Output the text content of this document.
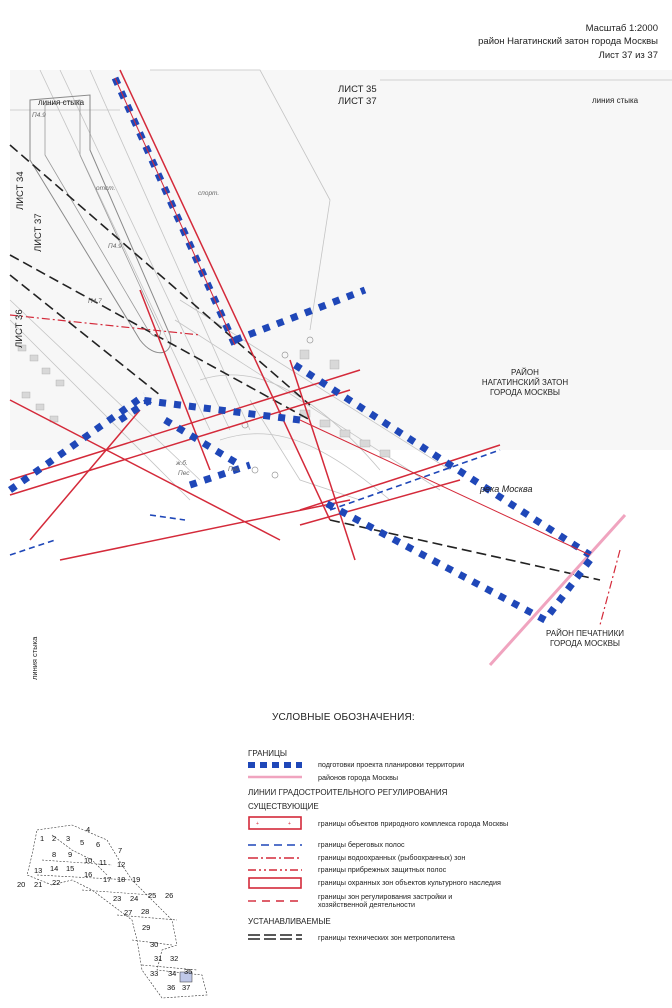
Масштаб 1:2000
район Нагатинский затон города Москвы
Лист 37 из 37
ЛИСТ 35
ЛИСТ 37
линия стыка	линия стыка
ЛИСТ 34
ЛИСТ 37
ЛИСТ 36
линия стыка
РАЙОН
НАГАТИНСКИЙ ЗАТОН
ГОРОДА МОСКВЫ
река Москва
РАЙОН ПЕЧАТНИКИ
ГОРОДА МОСКВЫ
П4.9
отст.
спорт.
П4.9
П4.7
ж.б.
Пес
Пес
УСЛОВНЫЕ ОБОЗНАЧЕНИЯ:
ГРАНИЦЫ
подготовки проекта планировки территории
районов города Москвы
ЛИНИИ ГРАДОСТРОИТЕЛЬНОГО РЕГУЛИРОВАНИЯ
СУЩЕСТВУЮЩИЕ
+	+	границы объектов природного комплекса города Москвы
границы береговых полос
границы водоохранных (рыбоохранных) зон
границы прибрежных защитных полос
границы охранных зон объектов культурного наследия
границы зон регулирования застройки и хозяйственной деятельности
УСТАНАВЛИВАЕМЫЕ
границы технических зон метрополитена
1 2 3
4
5 6
7
8 9
10 11 12
13 14 15
16
17 18 19
20 21 22
23 24 25 26
27 28
29
30
31 32
33 34 35
36 37
